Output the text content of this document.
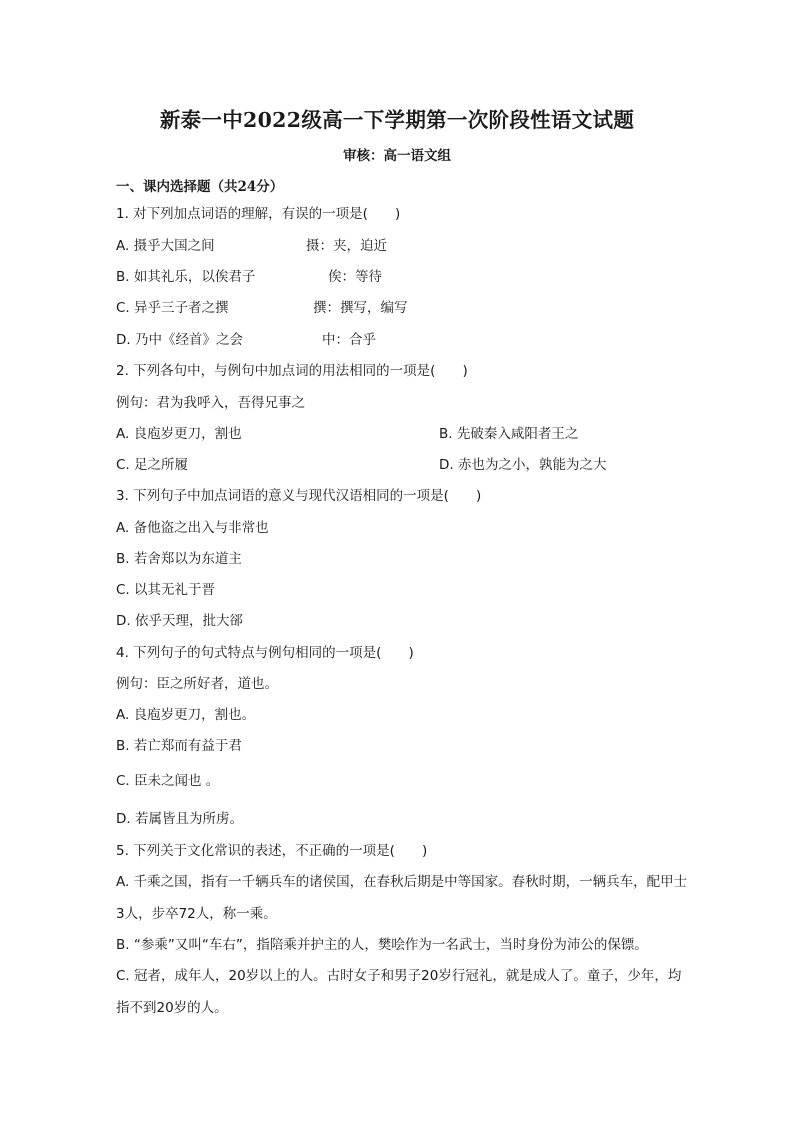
新泰一中2022级高一下学期第一次阶段性语文试题
审核：高一语文组
一、课内选择题（共24分）
1. 对下列加点词语的理解，有误的一项是(　　)
A. 摄乎大国之间	摄：夹，迫近
B. 如其礼乐，以俟君子	俟：等待
C. 异乎三子者之撰	撰：撰写，编写
D. 乃中《经首》之会	中：合乎
2. 下列各句中，与例句中加点词的用法相同的一项是(　　)
例句：君为我呼入，吾得兄事之
A. 良庖岁更刀，割也	B. 先破秦入咸阳者王之
C. 足之所履	D. 赤也为之小，孰能为之大
3. 下列句子中加点词语的意义与现代汉语相同的一项是(　　)
A. 备他盗之出入与非常也
B. 若舍郑以为东道主
C. 以其无礼于晋
D. 依乎天理，批大郤
4. 下列句子的句式特点与例句相同的一项是(　　)
例句：臣之所好者，道也。
A. 良庖岁更刀，割也。
B. 若亡郑而有益于君
C. 臣未之闻也 。
D. 若属皆且为所虏。
5. 下列关于文化常识的表述，不正确的一项是(　　)
A. 千乘之国，指有一千辆兵车的诸侯国，在春秋后期是中等国家。春秋时期，一辆兵车，配甲士
3人，步卒72人，称一乘。
B. “参乘”又叫“车右”，指陪乘并护主的人，樊哙作为一名武士，当时身份为沛公的保镖。
C. 冠者，成年人，20岁以上的人。古时女子和男子20岁行冠礼，就是成人了。童子，少年，均
指不到20岁的人。
